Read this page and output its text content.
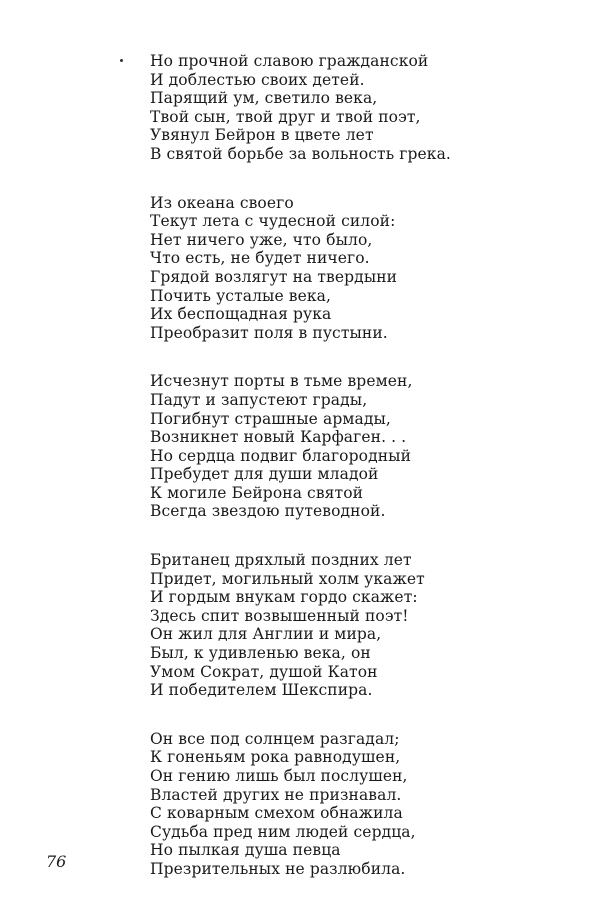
Но прочной славою гражданской
И доблестью своих детей.
Парящий ум, светило века,
Твой сын, твой друг и твой поэт,
Увянул Бейрон в цвете лет
В святой борьбе за вольность грека.
Из океана своего
Текут лета с чудесной силой:
Нет ничего уже, что было,
Что есть, не будет ничего.
Грядой возлягут на твердыни
Почить усталые века,
Их беспощадная рука
Преобразит поля в пустыни.
Исчезнут порты в тьме времен,
Падут и запустеют грады,
Погибнут страшные армады,
Возникнет новый Карфаген. . .
Но сердца подвиг благородный
Пребудет для души младой
К могиле Бейрона святой
Всегда звездою путеводной.
Британец дряхлый поздних лет
Придет, могильный холм укажет
И гордым внукам гордо скажет:
Здесь спит возвышенный поэт!
Он жил для Англии и мира,
Был, к удивленью века, он
Умом Сократ, душой Катон
И победителем Шекспира.
Он все под солнцем разгадал;
К гоненьям рока равнодушен,
Он гению лишь был послушен,
Властей других не признавал.
С коварным смехом обнажила
Судьба пред ним людей сердца,
Но пылкая душа певца
Презрительных не разлюбила.
76
